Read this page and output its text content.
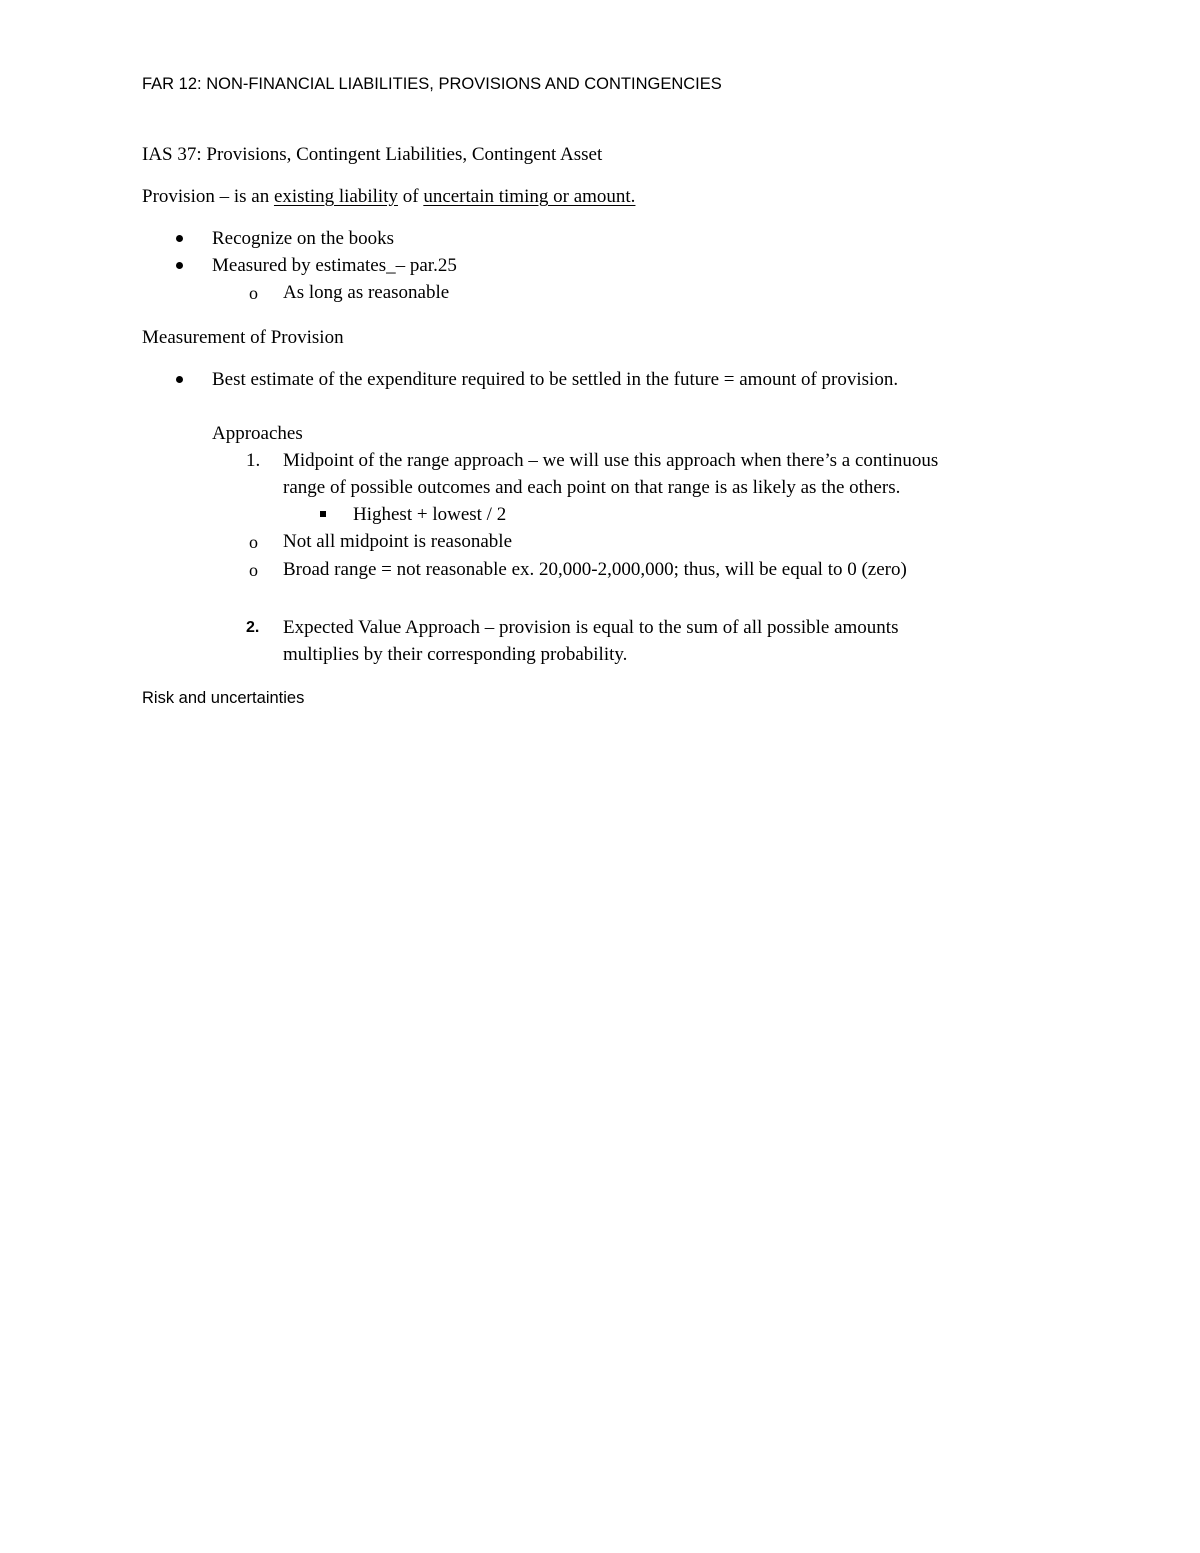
FAR 12: NON-FINANCIAL LIABILITIES, PROVISIONS AND CONTINGENCIES
IAS 37: Provisions, Contingent Liabilities, Contingent Asset
Provision – is an existing liability of uncertain timing or amount.
Recognize on the books
Measured by estimates_– par.25
o As long as reasonable
Measurement of Provision
Best estimate of the expenditure required to be settled in the future = amount of provision.
Approaches
1. Midpoint of the range approach – we will use this approach when there’s a continuous
range of possible outcomes and each point on that range is as likely as the others.
Highest + lowest / 2
o Not all midpoint is reasonable
o Broad range = not reasonable ex. 20,000-2,000,000; thus, will be equal to 0 (zero)
2. Expected Value Approach – provision is equal to the sum of all possible amounts
multiplies by their corresponding probability.
Risk and uncertainties
